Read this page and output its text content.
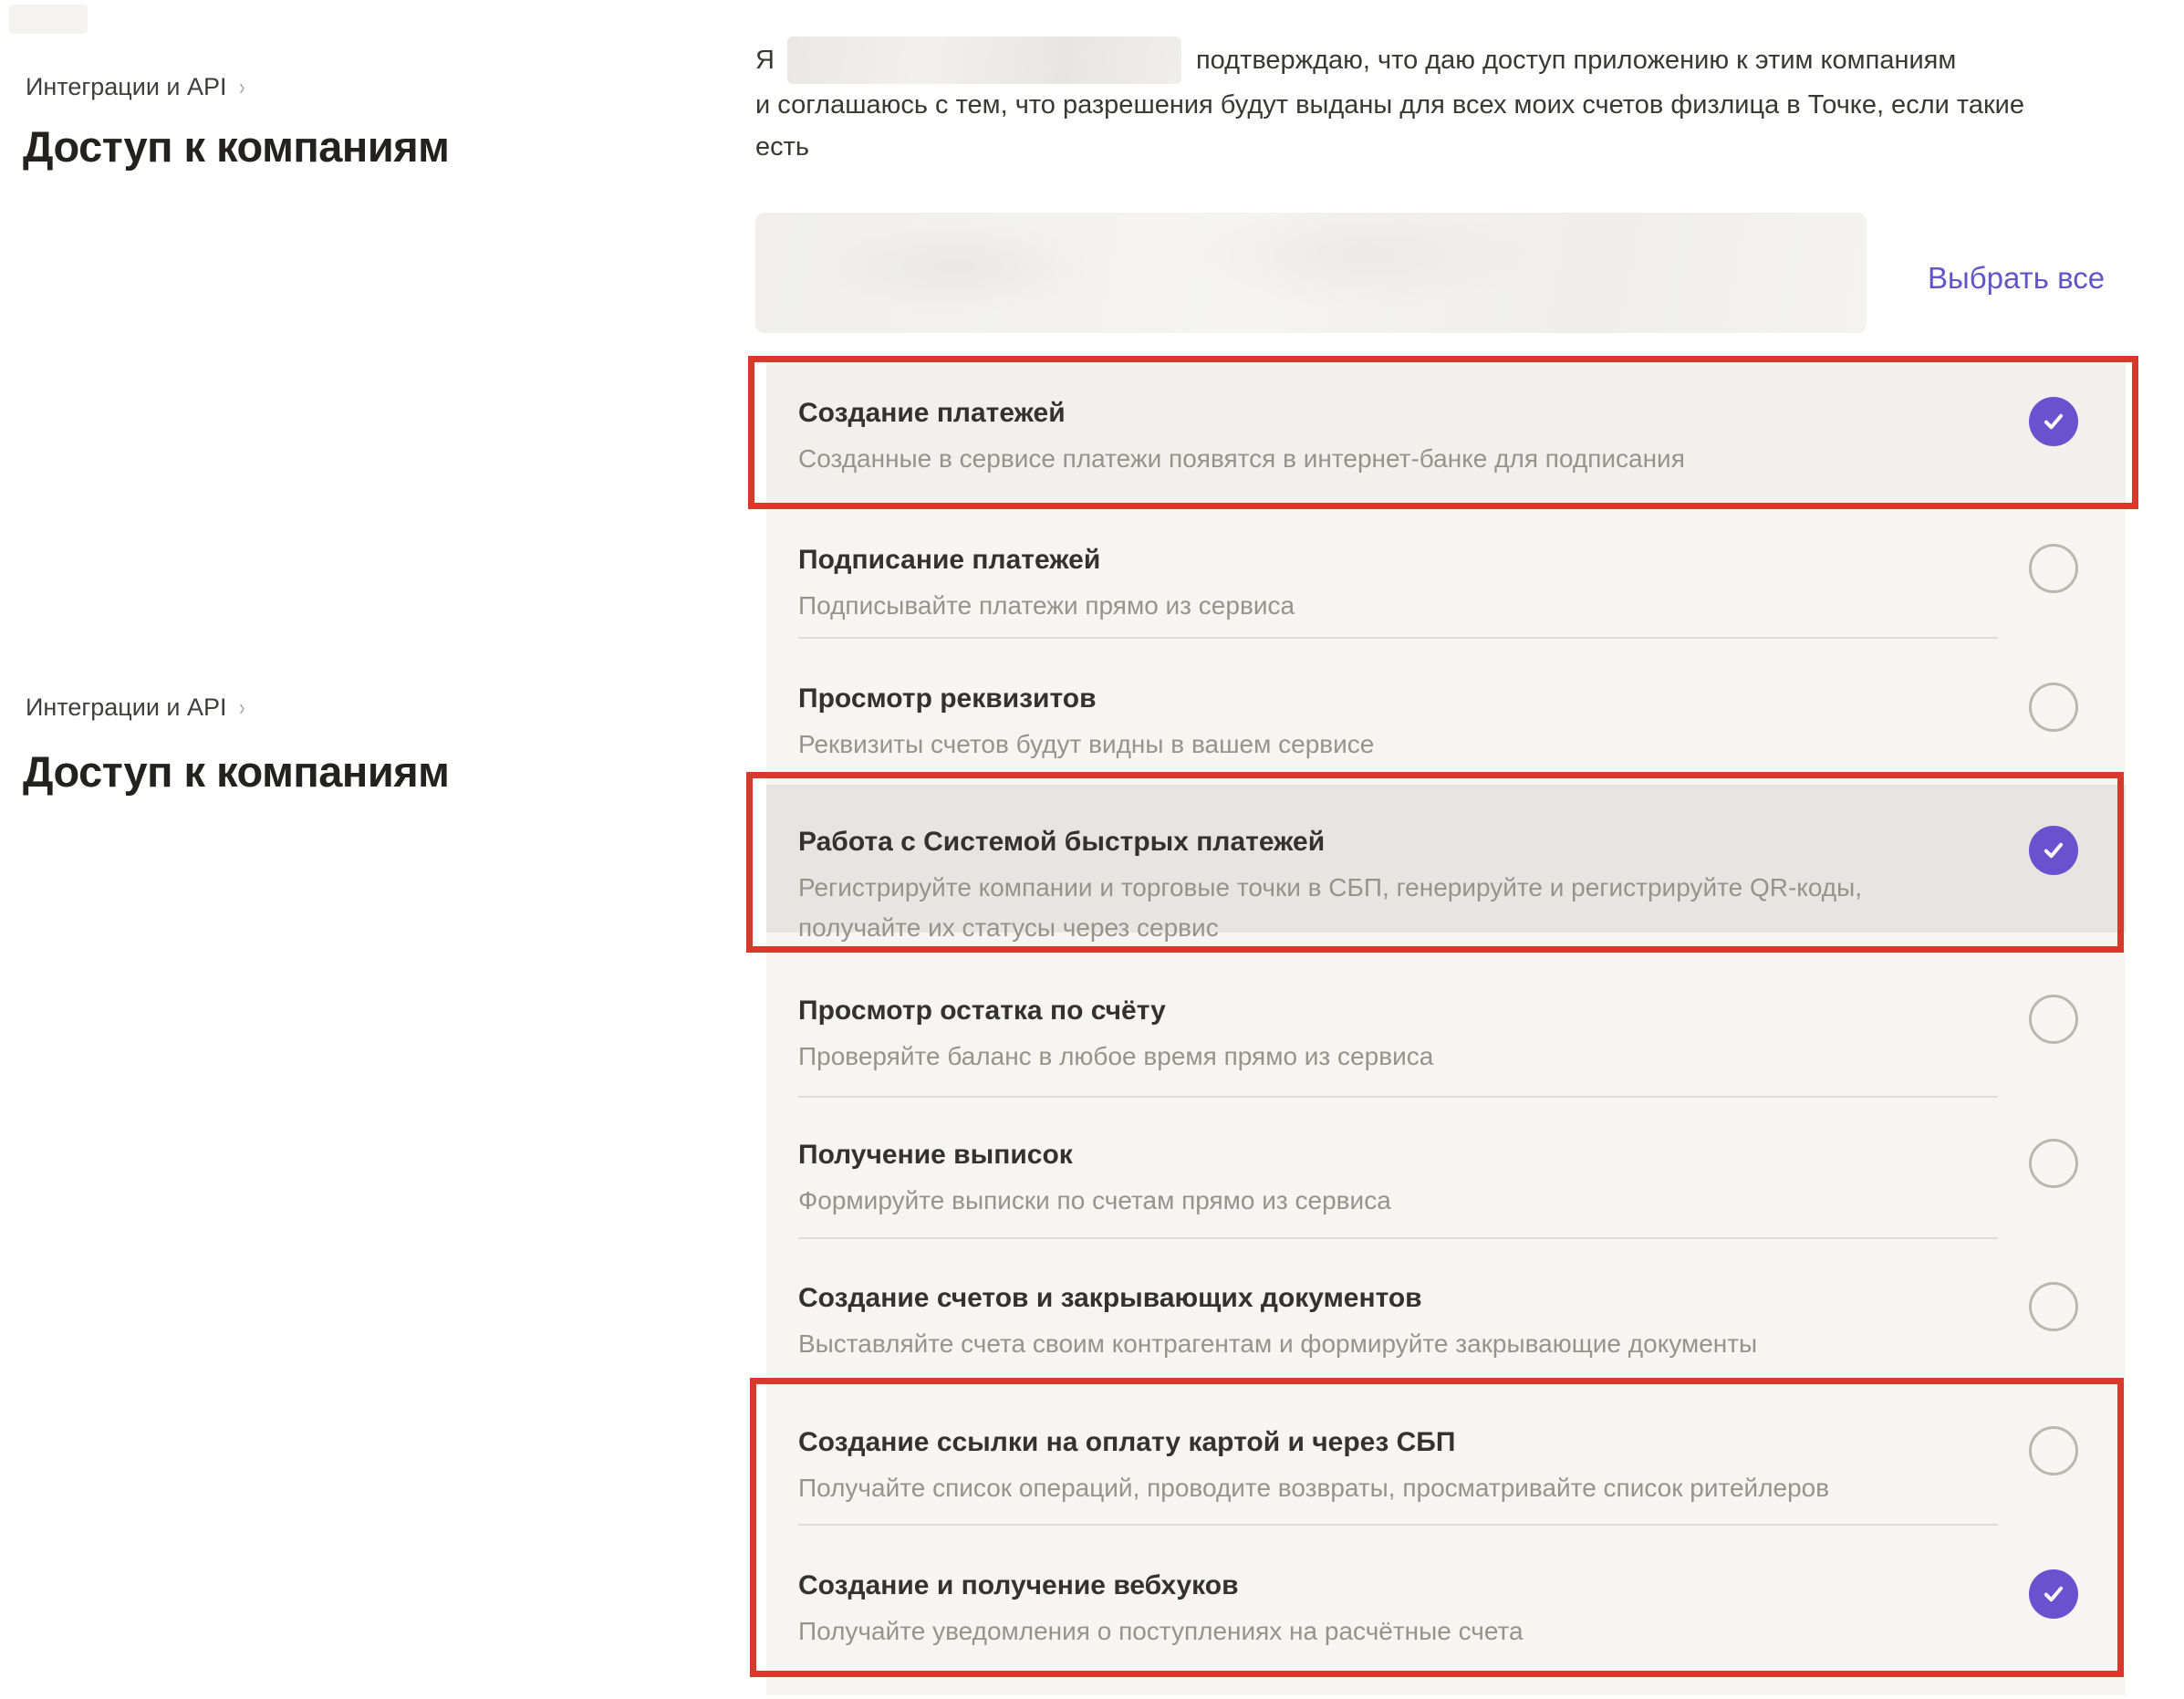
Интеграции и API ›
Доступ к компаниям
Интеграции и API ›
Доступ к компаниям
Я	подтверждаю, что даю доступ приложению к этим компаниям
и соглашаюсь с тем, что разрешения будут выданы для всех моих счетов физлица в Точке, если такие
есть
Выбрать все
Создание платежей
Созданные в сервисе платежи появятся в интернет-банке для подписания
Подписание платежей
Подписывайте платежи прямо из сервиса
Просмотр реквизитов
Реквизиты счетов будут видны в вашем сервисе
Работа с Системой быстрых платежей
Регистрируйте компании и торговые точки в СБП, генерируйте и регистрируйте QR-коды, получайте их статусы через сервис
Просмотр остатка по счёту
Проверяйте баланс в любое время прямо из сервиса
Получение выписок
Формируйте выписки по счетам прямо из сервиса
Создание счетов и закрывающих документов
Выставляйте счета своим контрагентам и формируйте закрывающие документы
Создание ссылки на оплату картой и через СБП
Получайте список операций, проводите возвраты, просматривайте список ритейлеров
Создание и получение вебхуков
Получайте уведомления о поступлениях на расчётные счета
